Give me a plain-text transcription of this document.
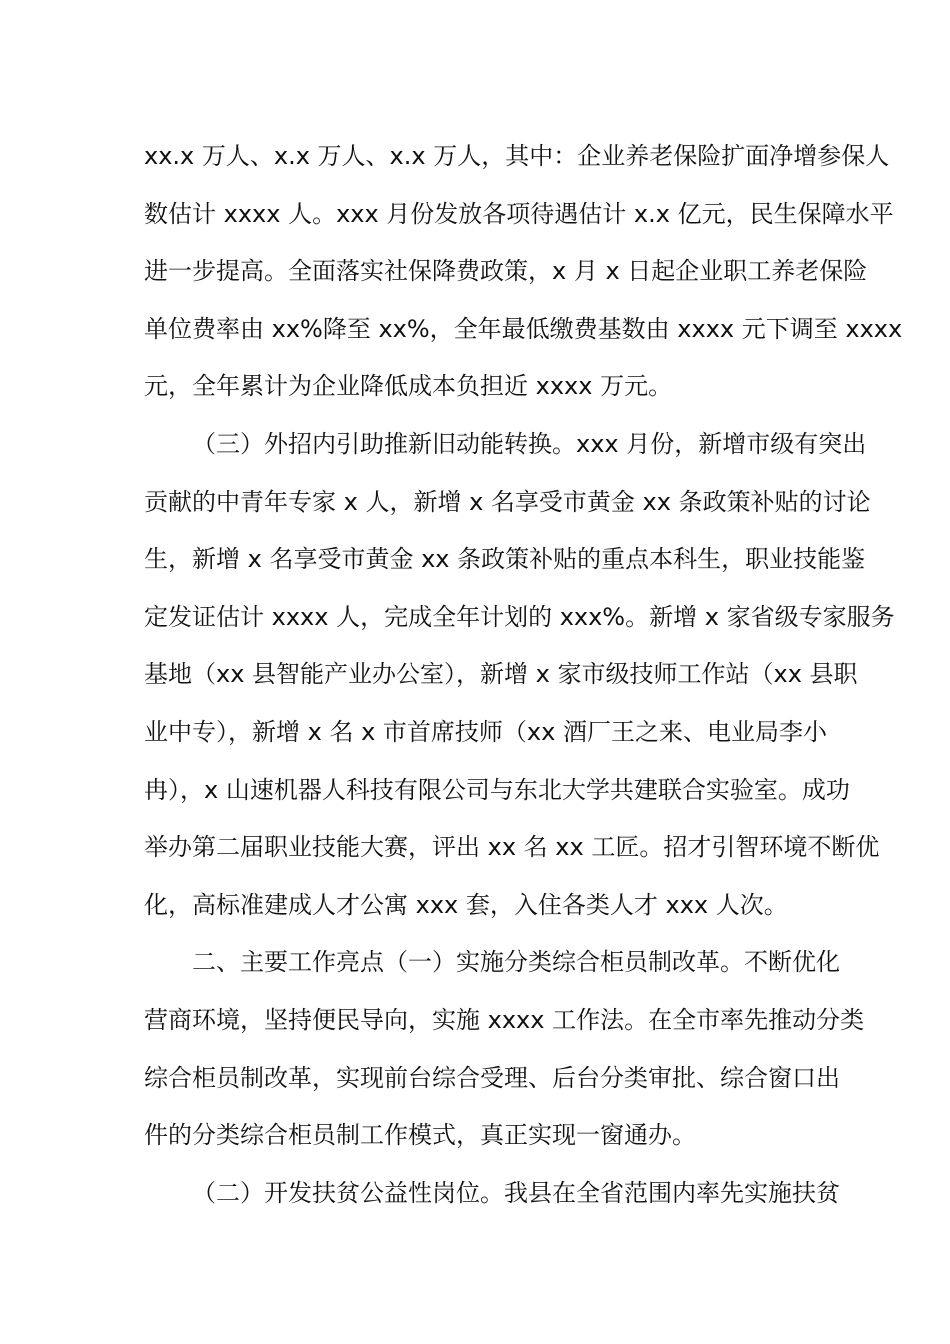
xx.x 万人、x.x 万人、x.x 万人，其中：企业养老保险扩面净增参保人
数估计 xxxx 人。xxx 月份发放各项待遇估计 x.x 亿元，民生保障水平
进一步提高。全面落实社保降费政策，x 月 x 日起企业职工养老保险
单位费率由 xx%降至 xx%，全年最低缴费基数由 xxxx 元下调至 xxxx
元，全年累计为企业降低成本负担近 xxxx 万元。
（三）外招内引助推新旧动能转换。xxx 月份，新增市级有突出
贡献的中青年专家 x 人，新增 x 名享受市黄金 xx 条政策补贴的讨论
生，新增 x 名享受市黄金 xx 条政策补贴的重点本科生，职业技能鉴
定发证估计 xxxx 人，完成全年计划的 xxx%。新增 x 家省级专家服务
基地（xx 县智能产业办公室），新增 x 家市级技师工作站（xx 县职
业中专），新增 x 名 x 市首席技师（xx 酒厂王之来、电业局李小
冉），x 山速机器人科技有限公司与东北大学共建联合实验室。成功
举办第二届职业技能大赛，评出 xx 名 xx 工匠。招才引智环境不断优
化，高标准建成人才公寓 xxx 套，入住各类人才 xxx 人次。
二、主要工作亮点（一）实施分类综合柜员制改革。不断优化
营商环境，坚持便民导向，实施 xxxx 工作法。在全市率先推动分类
综合柜员制改革，实现前台综合受理、后台分类审批、综合窗口出
件的分类综合柜员制工作模式，真正实现一窗通办。
（二）开发扶贫公益性岗位。我县在全省范围内率先实施扶贫
